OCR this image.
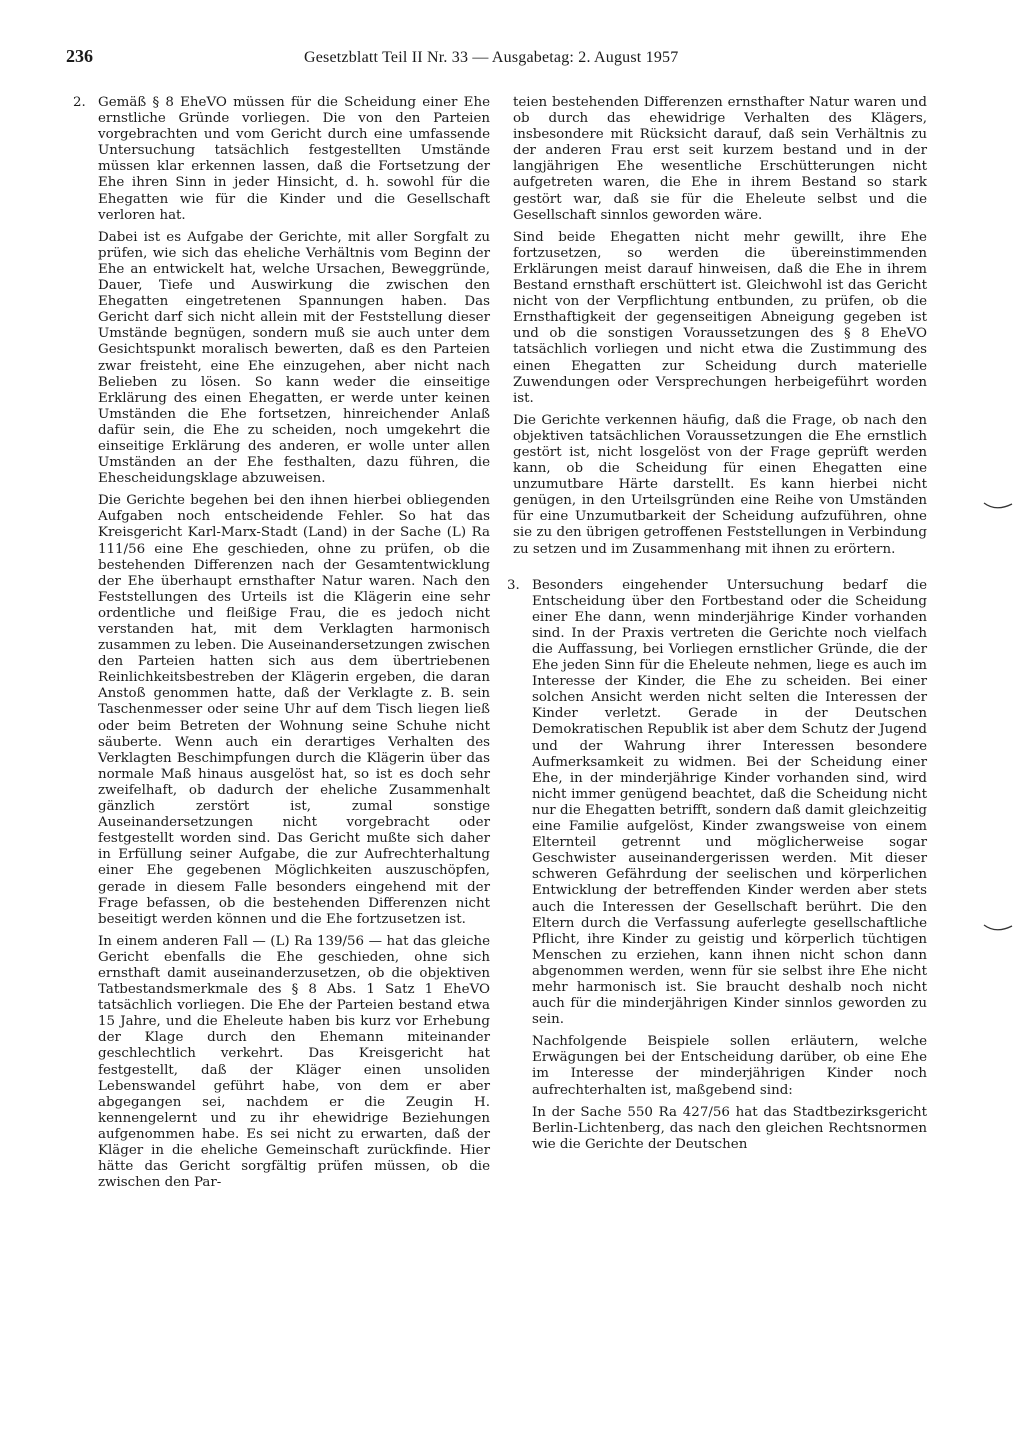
236	Gesetzblatt Teil II Nr. 33 — Ausgabetag: 2. August 1957
2. Gemäß § 8 EheVO müssen für die Scheidung einer Ehe ernstliche Gründe vorliegen. Die von den Parteien vorgebrachten und vom Gericht durch eine umfassende Untersuchung tatsächlich festgestellten Umstände müssen klar erkennen lassen, daß die Fortsetzung der Ehe ihren Sinn in jeder Hinsicht, d. h. sowohl für die Ehegatten wie für die Kinder und die Gesellschaft verloren hat.

Dabei ist es Aufgabe der Gerichte, mit aller Sorgfalt zu prüfen, wie sich das eheliche Verhältnis vom Beginn der Ehe an entwickelt hat, welche Ursachen, Beweggründe, Dauer, Tiefe und Auswirkung die zwischen den Ehegatten eingetretenen Spannungen haben. Das Gericht darf sich nicht allein mit der Feststellung dieser Umstände begnügen, sondern muß sie auch unter dem Gesichtspunkt moralisch bewerten, daß es den Parteien zwar freisteht, eine Ehe einzugehen, aber nicht nach Belieben zu lösen. So kann weder die einseitige Erklärung des einen Ehegatten, er werde unter keinen Umständen die Ehe fortsetzen, hinreichender Anlaß dafür sein, die Ehe zu scheiden, noch umgekehrt die einseitige Erklärung des anderen, er wolle unter allen Umständen an der Ehe festhalten, dazu führen, die Ehescheidungsklage abzuweisen.

Die Gerichte begehen bei den ihnen hierbei obliegenden Aufgaben noch entscheidende Fehler. So hat das Kreisgericht Karl-Marx-Stadt (Land) in der Sache (L) Ra 111/56 eine Ehe geschieden, ohne zu prüfen, ob die bestehenden Differenzen nach der Gesamtentwicklung der Ehe überhaupt ernsthafter Natur waren. Nach den Feststellungen des Urteils ist die Klägerin eine sehr ordentliche und fleißige Frau, die es jedoch nicht verstanden hat, mit dem Verklagten harmonisch zusammen zu leben. Die Auseinandersetzungen zwischen den Parteien hatten sich aus dem übertriebenen Reinlichkeitsbestreben der Klägerin ergeben, die daran Anstoß genommen hatte, daß der Verklagte z. B. sein Taschenmesser oder seine Uhr auf dem Tisch liegen ließ oder beim Betreten der Wohnung seine Schuhe nicht säuberte. Wenn auch ein derartiges Verhalten des Verklagten Beschimpfungen durch die Klägerin über das normale Maß hinaus ausgelöst hat, so ist es doch sehr zweifelhaft, ob dadurch der eheliche Zusammenhalt gänzlich zerstört ist, zumal sonstige Auseinandersetzungen nicht vorgebracht oder festgestellt worden sind. Das Gericht mußte sich daher in Erfüllung seiner Aufgabe, die zur Aufrechterhaltung einer Ehe gegebenen Möglichkeiten auszuschöpfen, gerade in diesem Falle besonders eingehend mit der Frage befassen, ob die bestehenden Differenzen nicht beseitigt werden können und die Ehe fortzusetzen ist.

In einem anderen Fall — (L) Ra 139/56 — hat das gleiche Gericht ebenfalls die Ehe geschieden, ohne sich ernsthaft damit auseinanderzusetzen, ob die objektiven Tatbestandsmerkmale des § 8 Abs. 1 Satz 1 EheVO tatsächlich vorliegen. Die Ehe der Parteien bestand etwa 15 Jahre, und die Eheleute haben bis kurz vor Erhebung der Klage durch den Ehemann miteinander geschlechtlich verkehrt. Das Kreisgericht hat festgestellt, daß der Kläger einen unsoliden Lebenswandel geführt habe, von dem er aber abgegangen sei, nachdem er die Zeugin H. kennengelernt und zu ihr ehewidrige Beziehungen aufgenommen habe. Es sei nicht zu erwarten, daß der Kläger in die eheliche Gemeinschaft zurückfinde. Hier hätte das Gericht sorgfältig prüfen müssen, ob die zwischen den Par-

teien bestehenden Differenzen ernsthafter Natur waren und ob durch das ehewidrige Verhalten des Klägers, insbesondere mit Rücksicht darauf, daß sein Verhältnis zu der anderen Frau erst seit kurzem bestand und in der langjährigen Ehe wesentliche Erschütterungen nicht aufgetreten waren, die Ehe in ihrem Bestand so stark gestört war, daß sie für die Eheleute selbst und die Gesellschaft sinnlos geworden wäre.

Sind beide Ehegatten nicht mehr gewillt, ihre Ehe fortzusetzen, so werden die übereinstimmenden Erklärungen meist darauf hinweisen, daß die Ehe in ihrem Bestand ernsthaft erschüttert ist. Gleichwohl ist das Gericht nicht von der Verpflichtung entbunden, zu prüfen, ob die Ernsthaftigkeit der gegenseitigen Abneigung gegeben ist und ob die sonstigen Voraussetzungen des § 8 EheVO tatsächlich vorliegen und nicht etwa die Zustimmung des einen Ehegatten zur Scheidung durch materielle Zuwendungen oder Versprechungen herbeigeführt worden ist.

Die Gerichte verkennen häufig, daß die Frage, ob nach den objektiven tatsächlichen Voraussetzungen die Ehe ernstlich gestört ist, nicht losgelöst von der Frage geprüft werden kann, ob die Scheidung für einen Ehegatten eine unzumutbare Härte darstellt. Es kann hierbei nicht genügen, in den Urteilsgründen eine Reihe von Umständen für eine Unzumutbarkeit der Scheidung aufzuführen, ohne sie zu den übrigen getroffenen Feststellungen in Verbindung zu setzen und im Zusammenhang mit ihnen zu erörtern.

3. Besonders eingehender Untersuchung bedarf die Entscheidung über den Fortbestand oder die Scheidung einer Ehe dann, wenn minderjährige Kinder vorhanden sind. In der Praxis vertreten die Gerichte noch vielfach die Auffassung, bei Vorliegen ernstlicher Gründe, die der Ehe jeden Sinn für die Eheleute nehmen, liege es auch im Interesse der Kinder, die Ehe zu scheiden. Bei einer solchen Ansicht werden nicht selten die Interessen der Kinder verletzt. Gerade in der Deutschen Demokratischen Republik ist aber dem Schutz der Jugend und der Wahrung ihrer Interessen besondere Aufmerksamkeit zu widmen. Bei der Scheidung einer Ehe, in der minderjährige Kinder vorhanden sind, wird nicht immer genügend beachtet, daß die Scheidung nicht nur die Ehegatten betrifft, sondern daß damit gleichzeitig eine Familie aufgelöst, Kinder zwangsweise von einem Elternteil getrennt und möglicherweise sogar Geschwister auseinandergerissen werden. Mit dieser schweren Gefährdung der seelischen und körperlichen Entwicklung der betreffenden Kinder werden aber stets auch die Interessen der Gesellschaft berührt. Die den Eltern durch die Verfassung auferlegte gesellschaftliche Pflicht, ihre Kinder zu geistig und körperlich tüchtigen Menschen zu erziehen, kann ihnen nicht schon dann abgenommen werden, wenn für sie selbst ihre Ehe nicht mehr harmonisch ist. Sie braucht deshalb noch nicht auch für die minderjährigen Kinder sinnlos geworden zu sein.

Nachfolgende Beispiele sollen erläutern, welche Erwägungen bei der Entscheidung darüber, ob eine Ehe im Interesse der minderjährigen Kinder noch aufrechterhalten ist, maßgebend sind:

In der Sache 550 Ra 427/56 hat das Stadtbezirksgericht Berlin-Lichtenberg, das nach den gleichen Rechtsnormen wie die Gerichte der Deutschen
